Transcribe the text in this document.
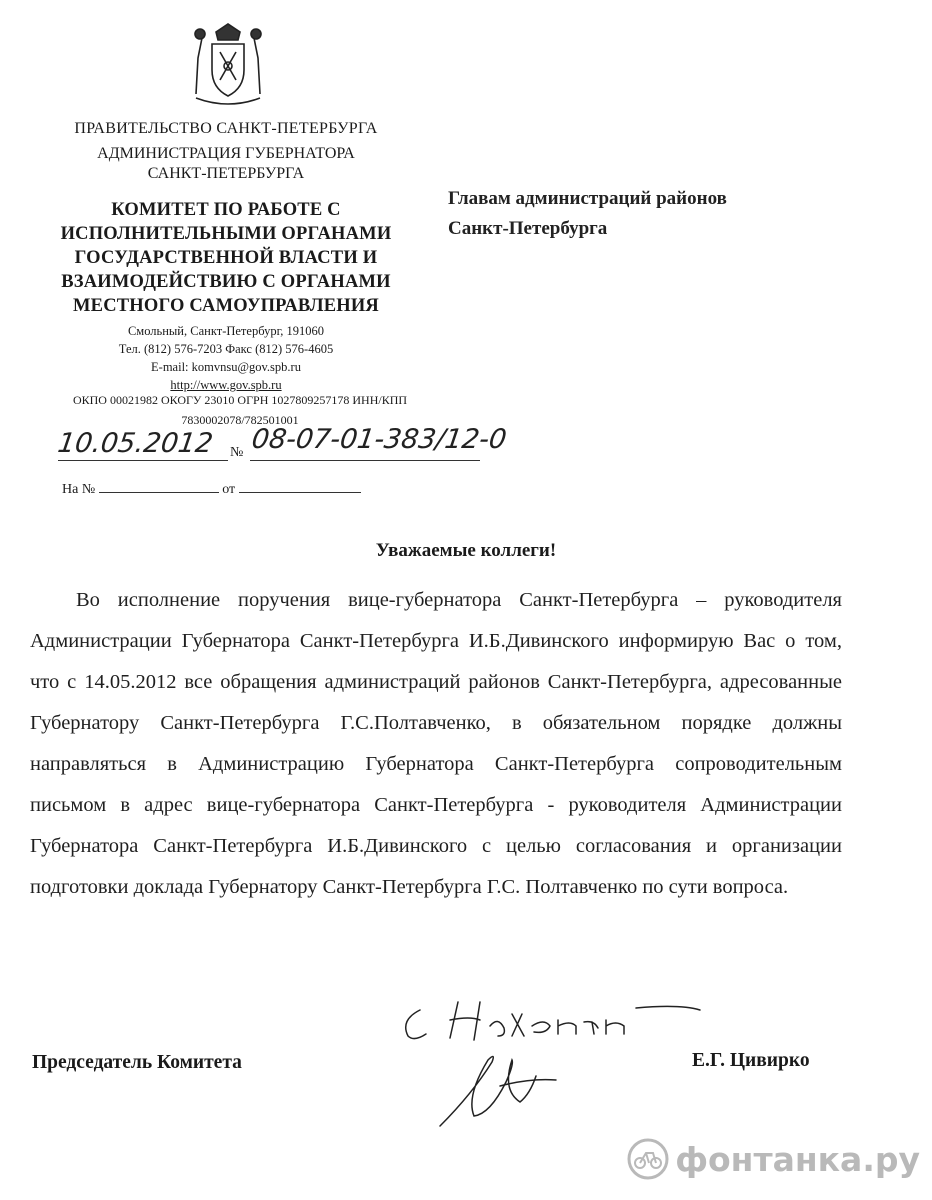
ПРАВИТЕЛЬСТВО САНКТ-ПЕТЕРБУРГА
АДМИНИСТРАЦИЯ ГУБЕРНАТОРА
САНКТ-ПЕТЕРБУРГА
КОМИТЕТ ПО РАБОТЕ С
ИСПОЛНИТЕЛЬНЫМИ ОРГАНАМИ
ГОСУДАРСТВЕННОЙ ВЛАСТИ И
ВЗАИМОДЕЙСТВИЮ С ОРГАНАМИ
МЕСТНОГО САМОУПРАВЛЕНИЯ
Смольный, Санкт-Петербург, 191060
Тел. (812) 576-7203 Факс (812) 576-4605
E-mail: komvnsu@gov.spb.ru
http://www.gov.spb.ru
ОКПО 00021982 ОКОГУ 23010 ОГРН 1027809257178 ИНН/КПП
7830002078/782501001
Главам администраций районов
Санкт-Петербурга
10.05.2012 № 08-07-01-383/12-0
На №	от
Уважаемые коллеги!
Во исполнение поручения вице-губернатора Санкт-Петербурга – руководителя Администрации Губернатора Санкт-Петербурга И.Б.Дивинского информирую Вас о том, что с 14.05.2012 все обращения администраций районов Санкт-Петербурга, адресованные Губернатору Санкт-Петербурга Г.С.Полтавченко, в обязательном порядке должны направляться в Администрацию Губернатора Санкт-Петербурга сопроводительным письмом в адрес вице-губернатора Санкт-Петербурга - руководителя Администрации Губернатора Санкт-Петербурга И.Б.Дивинского с целью согласования и организации подготовки доклада Губернатору Санкт-Петербурга Г.С. Полтавченко по сути вопроса.
Председатель Комитета	Е.Г. Цивирко
фонтанка.ру
